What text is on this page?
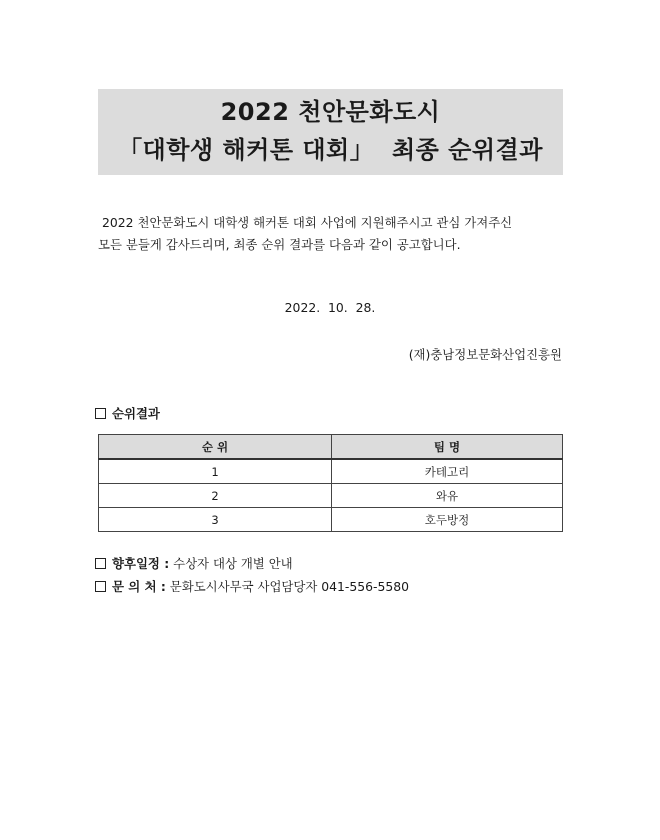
2022 천안문화도시
「대학생 해커톤 대회」  최종 순위결과
2022 천안문화도시 대학생 해커톤 대회 사업에 지원해주시고 관심 가져주신
모든 분들게 감사드리며, 최종 순위 결과를 다음과 같이 공고합니다.
2022.  10.  28.
(재)충남정보문화산업진흥원
순위결과
순 위	팀 명
1	카테고리
2	와유
3	호두방정
향후일정 : 수상자 대상 개별 안내
문 의 처 : 문화도시사무국 사업담당자 041-556-5580
